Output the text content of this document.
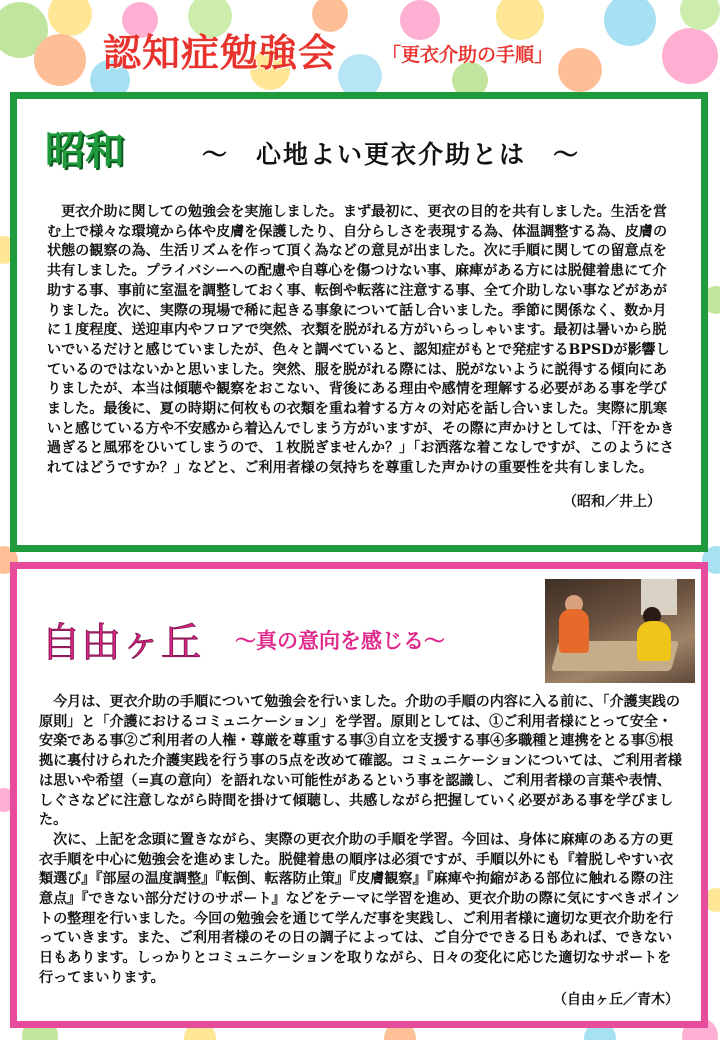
認知症勉強会 「更衣介助の手順」
昭和	～　心地よい更衣介助とは　～

更衣介助に関しての勉強会を実施しました。まず最初に、更衣の目的を共有しました。生活を営む上で様々な環境から体や皮膚を保護したり、自分らしさを表現する為、体温調整する為、皮膚の状態の観察の為、生活リズムを作って頂く為などの意見が出ました。次に手順に関しての留意点を共有しました。プライバシーへの配慮や自尊心を傷つけない事、麻痺がある方には脱健着患にて介助する事、事前に室温を調整しておく事、転倒や転落に注意する事、全て介助しない事などがあがりました。次に、実際の現場で稀に起きる事象について話し合いました。季節に関係なく、数か月に１度程度、送迎車内やフロアで突然、衣類を脱がれる方がいらっしゃいます。最初は暑いから脱いでいるだけと感じていましたが、色々と調べていると、認知症がもとで発症するBPSDが影響しているのではないかと思いました。突然、服を脱がれる際には、脱がないように説得する傾向にありましたが、本当は傾聴や観察をおこない、背後にある理由や感情を理解する必要がある事を学びました。最後に、夏の時期に何枚もの衣類を重ね着する方々の対応を話し合いました。実際に肌寒いと感じている方や不安感から着込んでしまう方がいますが、その際に声かけとしては、「汗をかき過ぎると風邪をひいてしまうので、１枚脱ぎませんか？」「お洒落な着こなしですが、このようにされてはどうですか？」などと、ご利用者様の気持ちを尊重した声かけの重要性を共有しました。

（昭和／井上）
自由ヶ丘 ～真の意向を感じる～

今月は、更衣介助の手順について勉強会を行いました。介助の手順の内容に入る前に、「介護実践の原則」と「介護におけるコミュニケーション」を学習。原則としては、①ご利用者様にとって安全・安楽である事②ご利用者の人権・尊厳を尊重する事③自立を支援する事④多職種と連携をとる事⑤根拠に裏付けられた介護実践を行う事の5点を改めて確認。コミュニケーションについては、ご利用者様は思いや希望（=真の意向）を語れない可能性があるという事を認識し、ご利用者様の言葉や表情、しぐさなどに注意しながら時間を掛けて傾聴し、共感しながら把握していく必要がある事を学びました。

次に、上記を念頭に置きながら、実際の更衣介助の手順を学習。今回は、身体に麻痺のある方の更衣手順を中心に勉強会を進めました。脱健着患の順序は必須ですが、手順以外にも『着脱しやすい衣類選び』『部屋の温度調整』『転倒、転落防止策』『皮膚観察』『麻痺や拘縮がある部位に触れる際の注意点』『できない部分だけのサポート』などをテーマに学習を進め、更衣介助の際に気にすべきポイントの整理を行いました。今回の勉強会を通じて学んだ事を実践し、ご利用者様に適切な更衣介助を行っていきます。また、ご利用者様のその日の調子によっては、ご自分でできる日もあれば、できない日もあります。しっかりとコミュニケーションを取りながら、日々の変化に応じた適切なサポートを行ってまいります。

（自由ヶ丘／青木）
